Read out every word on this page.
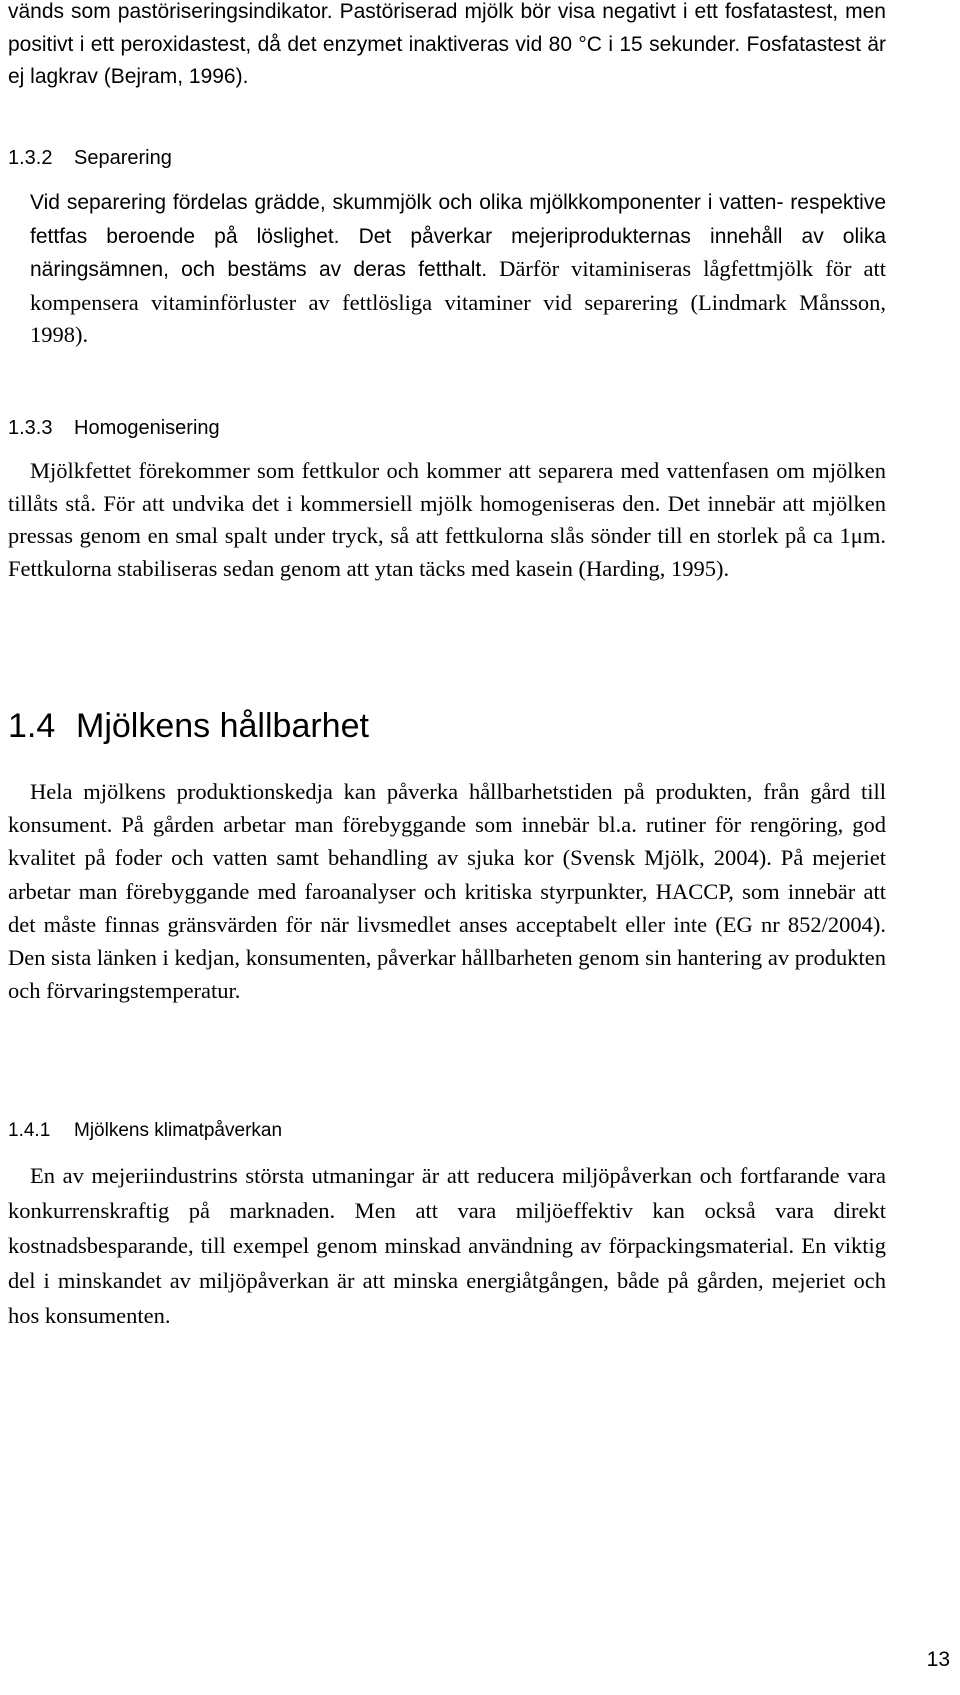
vänds som pastöriseringsindikator. Pastöriserad mjölk bör visa negativt i ett fosfatastest, men positivt i ett peroxidastest, då det enzymet inaktiveras vid 80 °C i 15 sekunder. Fosfatastest är ej lagkrav (Bejram, 1996).

1.3.2 Separering

Vid separering fördelas grädde, skummjölk och olika mjölkkomponenter i vatten- respektive fettfas beroende på löslighet. Det påverkar mejeriprodukternas innehåll av olika näringsämnen, och bestäms av deras fetthalt. Därför vitaminiseras lågfettmjölk för att kompensera vitaminförluster av fettlösliga vitaminer vid separering (Lindmark Månsson, 1998).

1.3.3 Homogenisering

Mjölkfettet förekommer som fettkulor och kommer att separera med vattenfasen om mjölken tillåts stå. För att undvika det i kommersiell mjölk homogeniseras den. Det innebär att mjölken pressas genom en smal spalt under tryck, så att fettkulorna slås sönder till en storlek på ca 1μm. Fettkulorna stabiliseras sedan genom att ytan täcks med kasein (Harding, 1995).

1.4 Mjölkens hållbarhet

Hela mjölkens produktionskedja kan påverka hållbarhetstiden på produkten, från gård till konsument. På gården arbetar man förebyggande som innebär bl.a. rutiner för rengöring, god kvalitet på foder och vatten samt behandling av sjuka kor (Svensk Mjölk, 2004). På mejeriet arbetar man förebyggande med faroanalyser och kritiska styrpunkter, HACCP, som innebär att det måste finnas gränsvärden för när livsmedlet anses acceptabelt eller inte (EG nr 852/2004). Den sista länken i kedjan, konsumenten, påverkar hållbarheten genom sin hantering av produkten och förvaringstemperatur.

1.4.1 Mjölkens klimatpåverkan

En av mejeriindustrins största utmaningar är att reducera miljöpåverkan och fortfarande vara konkurrenskraftig på marknaden. Men att vara miljöeffektiv kan också vara direkt kostnadsbesparande, till exempel genom minskad användning av förpackingsmaterial. En viktig del i minskandet av miljöpåverkan är att minska energiåtgången, både på gården, mejeriet och hos konsumenten.

13
